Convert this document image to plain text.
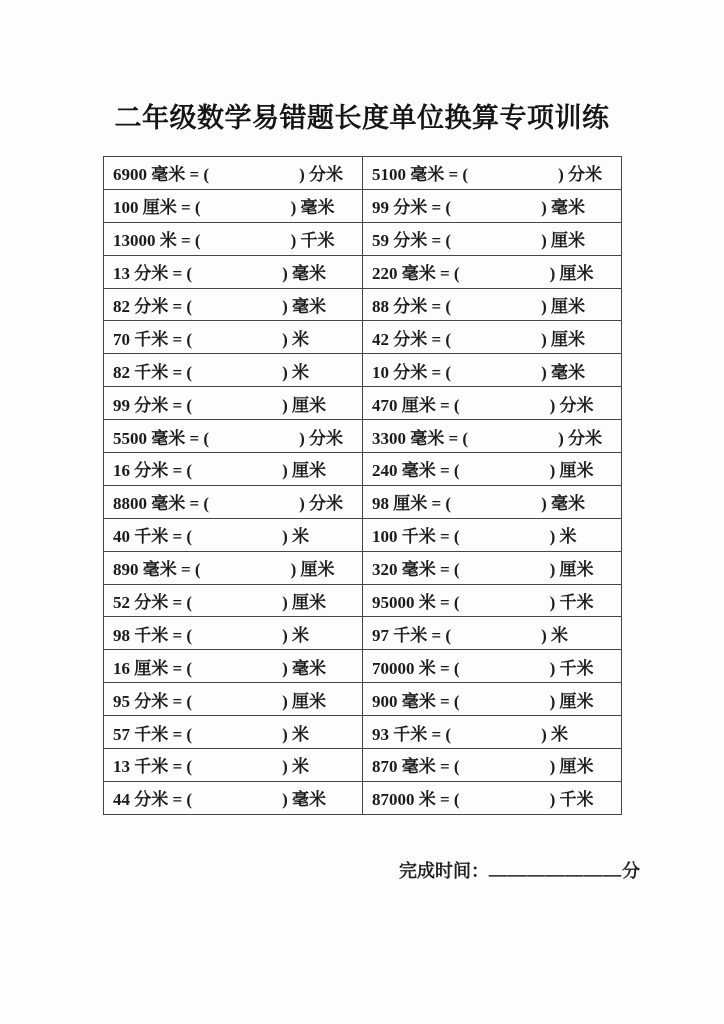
二年级数学易错题长度单位换算专项训练
6900 毫米 = ( ) 分米	5100 毫米 = ( ) 分米
100 厘米 = ( ) 毫米	99 分米 = ( ) 毫米
13000 米 = ( ) 千米	59 分米 = ( ) 厘米
13 分米 = ( ) 毫米	220 毫米 = ( ) 厘米
82 分米 = ( ) 毫米	88 分米 = ( ) 厘米
70 千米 = ( ) 米	42 分米 = ( ) 厘米
82 千米 = ( ) 米	10 分米 = ( ) 毫米
99 分米 = ( ) 厘米	470 厘米 = ( ) 分米
5500 毫米 = ( ) 分米	3300 毫米 = ( ) 分米
16 分米 = ( ) 厘米	240 毫米 = ( ) 厘米
8800 毫米 = ( ) 分米	98 厘米 = ( ) 毫米
40 千米 = ( ) 米	100 千米 = ( ) 米
890 毫米 = ( ) 厘米	320 毫米 = ( ) 厘米
52 分米 = ( ) 厘米	95000 米 = ( ) 千米
98 千米 = ( ) 米	97 千米 = ( ) 米
16 厘米 = ( ) 毫米	70000 米 = ( ) 千米
95 分米 = ( ) 厘米	900 毫米 = ( ) 厘米
57 千米 = ( ) 米	93 千米 = ( ) 米
13 千米 = ( ) 米	870 毫米 = ( ) 厘米
44 分米 = ( ) 毫米	87000 米 = ( ) 千米
完成时间：＿＿＿＿＿＿＿分
